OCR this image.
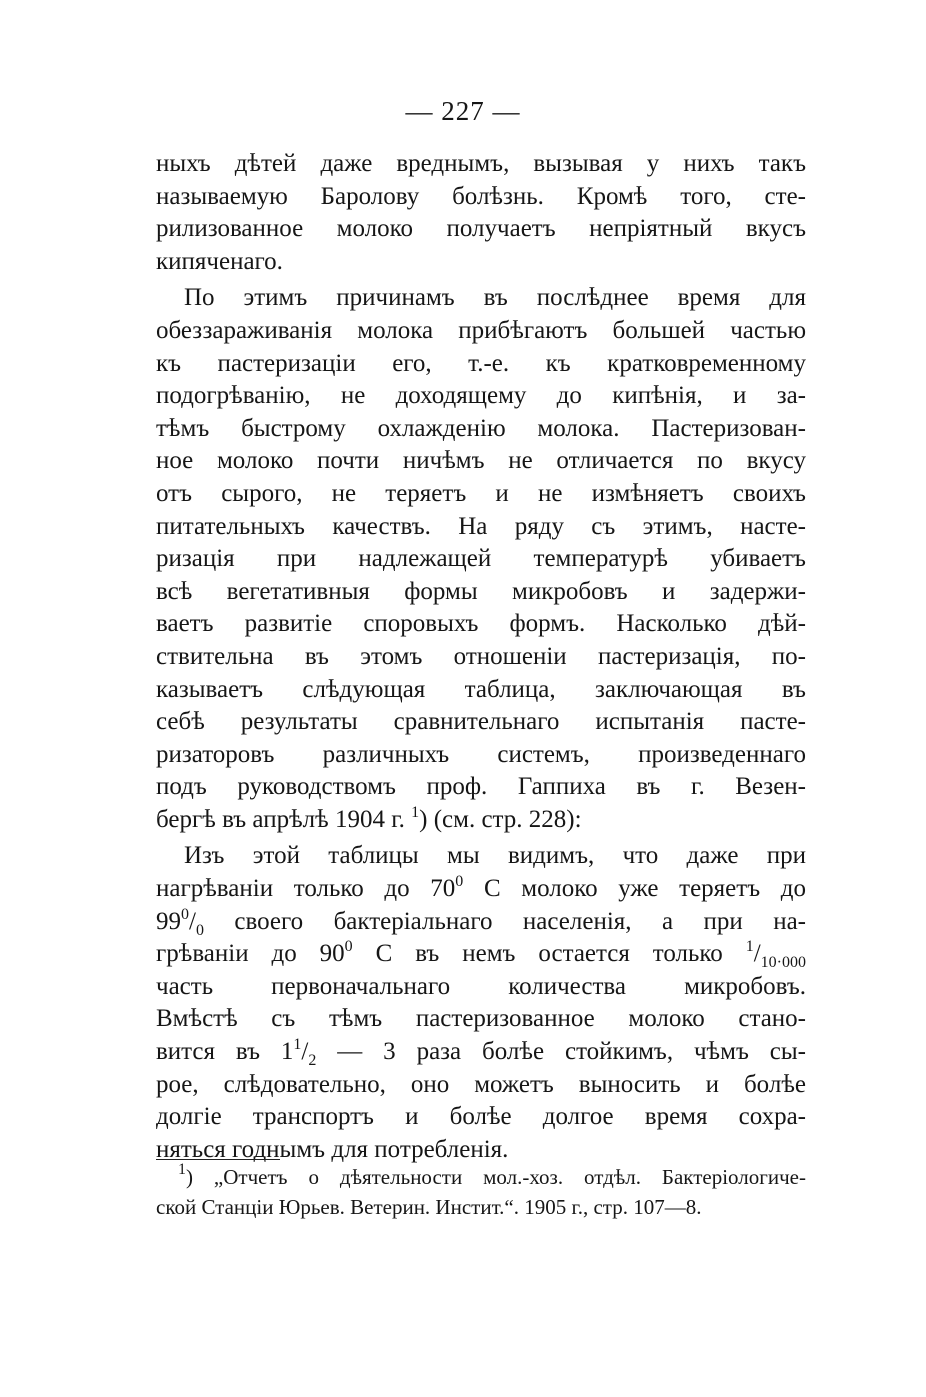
— 227 —
ныхъ дѣтей даже вреднымъ, вызывая у нихъ такъ
называемую Баролову болѣзнь. Кромѣ того, сте-
рилизованное молоко получаетъ непріятный вкусъ
кипяченаго.
По этимъ причинамъ въ послѣднее время для
обеззараживанія молока прибѣгаютъ большей частью
къ пастеризаціи его, т.-е. къ кратковременному
подогрѣванію, не доходящему до кипѣнія, и за-
тѣмъ быстрому охлажденію молока. Пастеризован-
ное молоко почти ничѣмъ не отличается по вкусу
отъ сырого, не теряетъ и не измѣняетъ своихъ
питательныхъ качествъ. На ряду съ этимъ, насте-
ризація при надлежащей температурѣ убиваетъ
всѣ вегетативныя формы микробовъ и задержи-
ваетъ развитіе споровыхъ формъ. Насколько дѣй-
ствительна въ этомъ отношеніи пастеризація, по-
казываетъ слѣдующая таблица, заключающая въ
себѣ результаты сравнительнаго испытанія пасте-
ризаторовъ различныхъ системъ, произведеннаго
подъ руководствомъ проф. Гаппиха въ г. Везен-
бергѣ въ апрѣлѣ 1904 г. $^1$) (см. стр. 228):
Изъ этой таблицы мы видимъ, что даже при
нагрѣваніи только до $70^0$ C молоко уже теряетъ до
$99^0/_0$ своего бактеріальнаго населенія, а при на-
грѣваніи до $90^0$ C въ немъ остается только $^1/_{10\cdot 000}$
часть первоначальнаго количества микробовъ.
Вмѣстѣ съ тѣмъ пастеризованное молоко стано-
вится въ $1^1/_2$ — 3 раза болѣе стойкимъ, чѣмъ сы-
рое, слѣдовательно, оно можетъ выносить и болѣе
долгіе транспортъ и болѣе долгое время сохра-
няться годнымъ для потребленія.
$^1$) „Отчетъ о дѣятельности мол.-хоз. отдѣл. Бактеріологиче-
ской Станціи Юрьев. Ветерин. Инстит.“. 1905 г., стр. 107—8.
